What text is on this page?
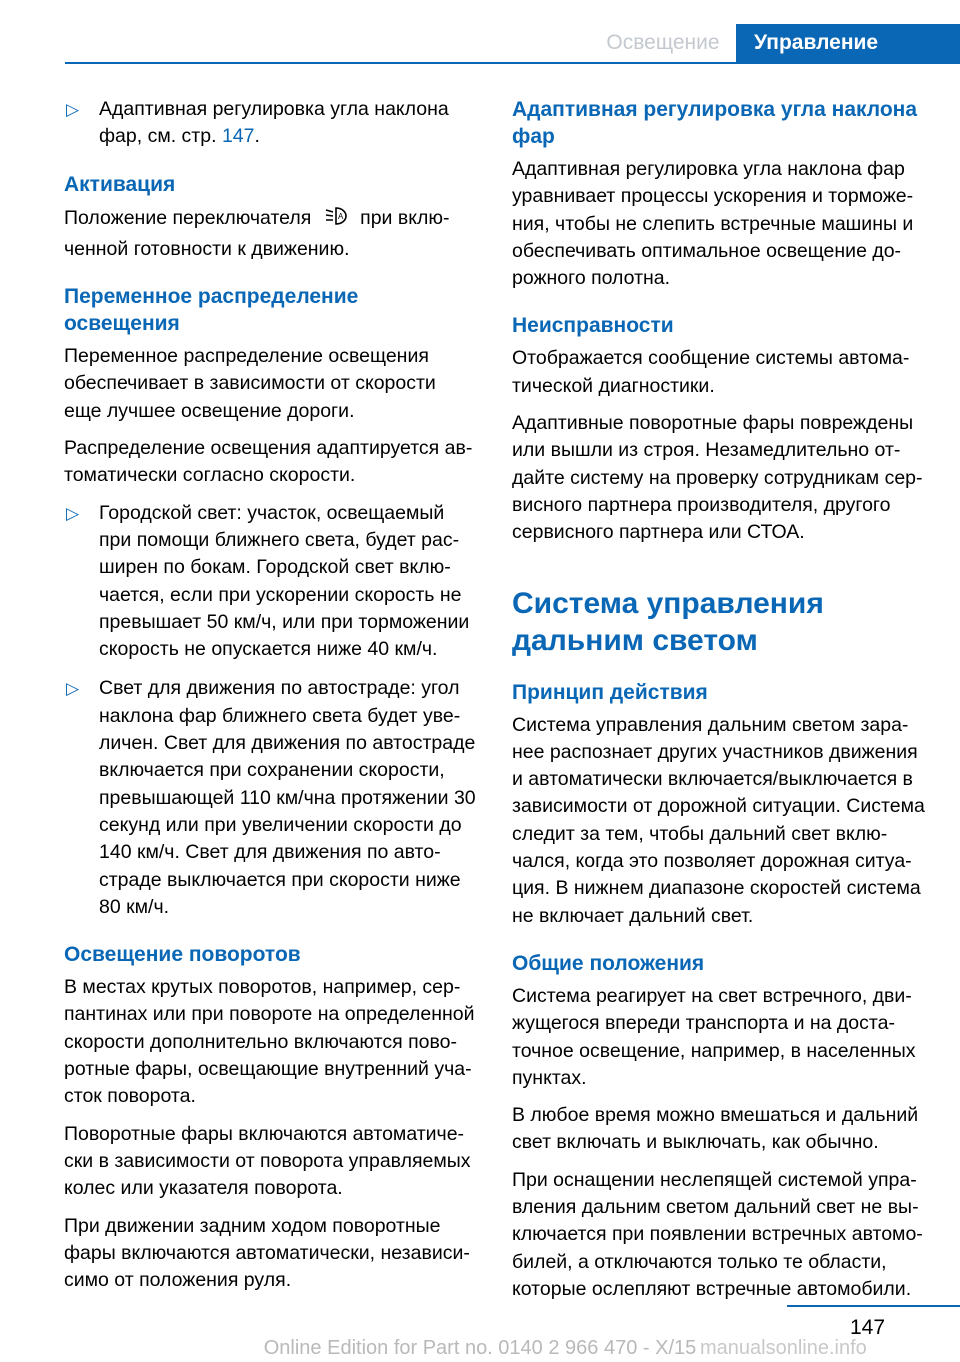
Освещение	Управление
▷ Адаптивная регулировка угла наклона фар, см. стр. 147.
Активация

Положение переключателя	A при вклю-ченной готовности к движению.

Переменное распределение освещения

Переменное распределение освещения обеспечивает в зависимости от скорости еще лучшее освещение дороги.

Распределение освещения адаптируется ав-томатически согласно скорости.

▷ Городской свет: участок, освещаемый при помощи ближнего света, будет рас-ширен по бокам. Городской свет вклю-чается, если при ускорении скорость не превышает 50 км/ч, или при торможении скорость не опускается ниже 40 км/ч.
▷ Свет для движения по автостраде: угол наклона фар ближнего света будет уве-личен. Свет для движения по автостраде включается при сохранении скорости, превышающей 110 км/чна протяжении 30 секунд или при увеличении скорости до 140 км/ч. Свет для движения по авто-страде выключается при скорости ниже 80 км/ч.
Освещение поворотов

В местах крутых поворотов, например, сер-пантинах или при повороте на определенной скорости дополнительно включаются пово-ротные фары, освещающие внутренний уча-сток поворота.

Поворотные фары включаются автоматиче-ски в зависимости от поворота управляемых колес или указателя поворота.

При движении задним ходом поворотные фары включаются автоматически, независи-симо от положения руля.

Адаптивная регулировка угла наклона фар

Адаптивная регулировка угла наклона фар уравнивает процессы ускорения и торможе-ния, чтобы не слепить встречные машины и обеспечивать оптимальное освещение до-рожного полотна.

Неисправности

Отображается сообщение системы автома-тической диагностики.

Адаптивные поворотные фары повреждены или вышли из строя. Незамедлительно от-дайте систему на проверку сотрудникам сер-висного партнера производителя, другого сервисного партнера или СТОА.

Система управления дальним светом
Принцип действия

Система управления дальним светом зара-нее распознает других участников движения и автоматически включается/выключается в зависимости от дорожной ситуации. Система следит за тем, чтобы дальний свет вклю-чался, когда это позволяет дорожная ситуа-ция. В нижнем диапазоне скоростей система не включает дальний свет.

Общие положения

Система реагирует на свет встречного, дви-жущегося впереди транспорта и на доста-точное освещение, например, в населенных пунктах.

В любое время можно вмешаться и дальний свет включать и выключать, как обычно.

При оснащении неслепящей системой упра-вления дальним светом дальний свет не вы-ключается при появлении встречных автомо-билей, а отключаются только те области, которые ослепляют встречные автомобили.

147
Online Edition for Part no. 0140 2 966 470 - X/15 manualsonline.info
